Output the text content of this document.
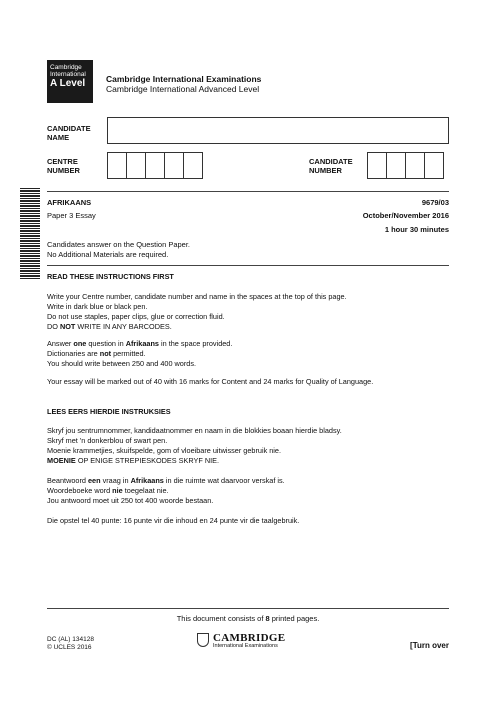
Cambridge
International
A Level	Cambridge International Examinations
Cambridge International Advanced Level
CANDIDATE
NAME
CENTRE
NUMBER
CANDIDATE
NUMBER
AFRIKAANS	9679/03
Paper 3 Essay	October/November 2016
1 hour 30 minutes
Candidates answer on the Question Paper.
No Additional Materials are required.
READ THESE INSTRUCTIONS FIRST
Write your Centre number, candidate number and name in the spaces at the top of this page.
Write in dark blue or black pen.
Do not use staples, paper clips, glue or correction fluid.
DO NOT WRITE IN ANY BARCODES.
Answer one question in Afrikaans in the space provided.
Dictionaries are not permitted.
You should write between 250 and 400 words.
Your essay will be marked out of 40 with 16 marks for Content and 24 marks for Quality of Language.
LEES EERS HIERDIE INSTRUKSIES
Skryf jou sentrumnommer, kandidaatnommer en naam in die blokkies boaan hierdie bladsy.
Skryf met 'n donkerblou of swart pen.
Moenie krammetjies, skuifspelde, gom of vloeibare uitwisser gebruik nie.
MOENIE OP ENIGE STREPIESKODES SKRYF NIE.
Beantwoord een vraag in Afrikaans in die ruimte wat daarvoor verskaf is.
Woordeboeke word nie toegelaat nie.
Jou antwoord moet uit 250 tot 400 woorde bestaan.
Die opstel tel 40 punte: 16 punte vir die inhoud en 24 punte vir die taalgebruik.
This document consists of 8 printed pages.
DC (AL) 134128
© UCLES 2016
CAMBRIDGE
International Examinations	[Turn over
